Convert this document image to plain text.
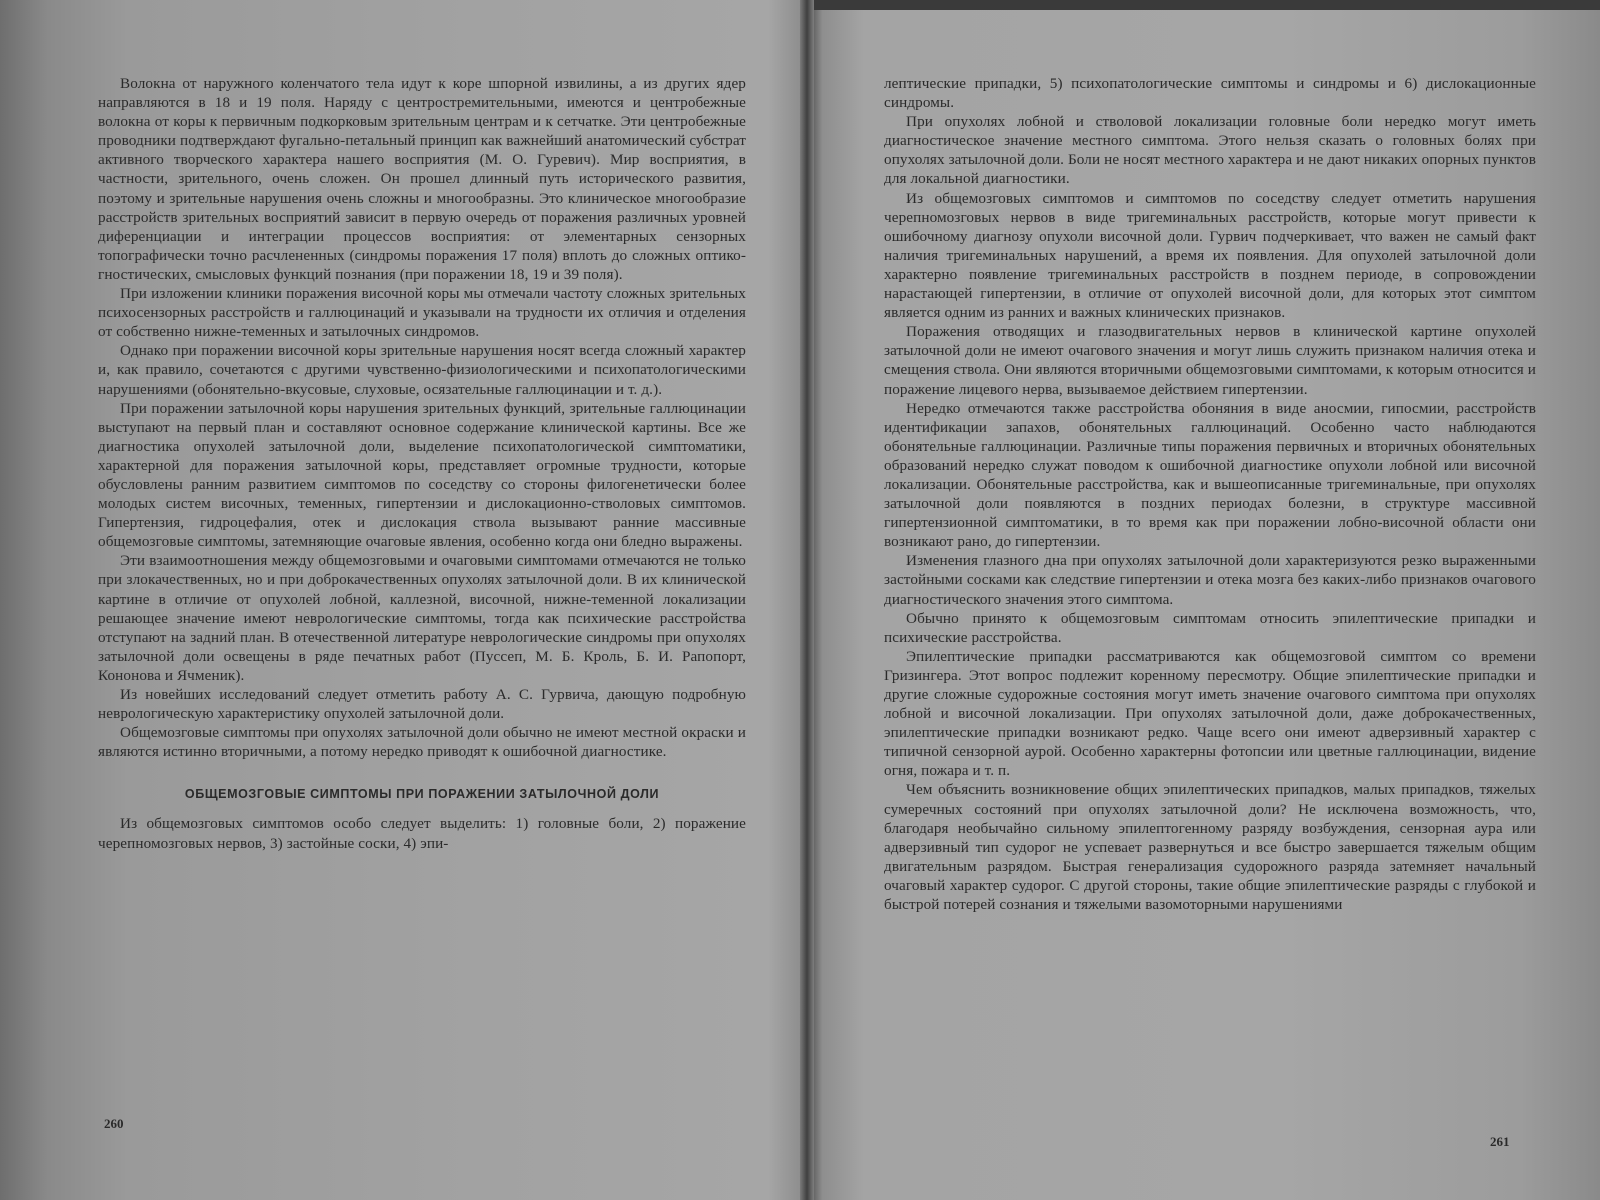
Волокна от наружного коленчатого тела идут к коре шпорной извилины, а из других ядер направляются в 18 и 19 поля. Наряду с центростремительными, имеются и центробежные волокна от коры к первичным подкорковым зрительным центрам и к сетчатке. Эти центробежные проводники подтверждают фугально-петальный принцип как важнейший анатомический субстрат активного творческого характера нашего восприятия (М. О. Гуревич). Мир восприятия, в частности, зрительного, очень сложен. Он прошел длинный путь исторического развития, поэтому и зрительные нарушения очень сложны и многообразны. Это клиническое многообразие расстройств зрительных восприятий зависит в первую очередь от поражения различных уровней диференциации и интеграции процессов восприятия: от элементарных сензорных топографически точно расчлененных (синдромы поражения 17 поля) вплоть до сложных оптико-гностических, смысловых функций познания (при поражении 18, 19 и 39 поля).

При изложении клиники поражения височной коры мы отмечали частоту сложных зрительных психосензорных расстройств и галлюцинаций и указывали на трудности их отличия и отделения от собственно нижне-теменных и затылочных синдромов.

Однако при поражении височной коры зрительные нарушения носят всегда сложный характер и, как правило, сочетаются с другими чувственно-физиологическими и психопатологическими нарушениями (обонятельно-вкусовые, слуховые, осязательные галлюцинации и т. д.).

При поражении затылочной коры нарушения зрительных функций, зрительные галлюцинации выступают на первый план и составляют основное содержание клинической картины. Все же диагностика опухолей затылочной доли, выделение психопатологической симптоматики, характерной для поражения затылочной коры, представляет огромные трудности, которые обусловлены ранним развитием симптомов по соседству со стороны филогенетически более молодых систем височных, теменных, гипертензии и дислокационно-стволовых симптомов. Гипертензия, гидроцефалия, отек и дислокация ствола вызывают ранние массивные общемозговые симптомы, затемняющие очаговые явления, особенно когда они бледно выражены.

Эти взаимоотношения между общемозговыми и очаговыми симптомами отмечаются не только при злокачественных, но и при доброкачественных опухолях затылочной доли. В их клинической картине в отличие от опухолей лобной, каллезной, височной, нижне-теменной локализации решающее значение имеют неврологические симптомы, тогда как психические расстройства отступают на задний план. В отечественной литературе неврологические синдромы при опухолях затылочной доли освещены в ряде печатных работ (Пуссеп, М. Б. Кроль, Б. И. Рапопорт, Кононова и Ячменик).

Из новейших исследований следует отметить работу А. С. Гурвича, дающую подробную неврологическую характеристику опухолей затылочной доли.

Общемозговые симптомы при опухолях затылочной доли обычно не имеют местной окраски и являются истинно вторичными, а потому нередко приводят к ошибочной диагностике.

ОБЩЕМОЗГОВЫЕ СИМПТОМЫ ПРИ ПОРАЖЕНИИ ЗАТЫЛОЧНОЙ ДОЛИ

Из общемозговых симптомов особо следует выделить: 1) головные боли, 2) поражение черепномозговых нервов, 3) застойные соски, 4) эпи-

260

лептические припадки, 5) психопатологические симптомы и синдромы и 6) дислокационные синдромы.

При опухолях лобной и стволовой локализации головные боли нередко могут иметь диагностическое значение местного симптома. Этого нельзя сказать о головных болях при опухолях затылочной доли. Боли не носят местного характера и не дают никаких опорных пунктов для локальной диагностики.

Из общемозговых симптомов и симптомов по соседству следует отметить нарушения черепномозговых нервов в виде тригеминальных расстройств, которые могут привести к ошибочному диагнозу опухоли височной доли. Гурвич подчеркивает, что важен не самый факт наличия тригеминальных нарушений, а время их появления. Для опухолей затылочной доли характерно появление тригеминальных расстройств в позднем периоде, в сопровождении нарастающей гипертензии, в отличие от опухолей височной доли, для которых этот симптом является одним из ранних и важных клинических признаков.

Поражения отводящих и глазодвигательных нервов в клинической картине опухолей затылочной доли не имеют очагового значения и могут лишь служить признаком наличия отека и смещения ствола. Они являются вторичными общемозговыми симптомами, к которым относится и поражение лицевого нерва, вызываемое действием гипертензии.

Нередко отмечаются также расстройства обоняния в виде аносмии, гипосмии, расстройств идентификации запахов, обонятельных галлюцинаций. Особенно часто наблюдаются обонятельные галлюцинации. Различные типы поражения первичных и вторичных обонятельных образований нередко служат поводом к ошибочной диагностике опухоли лобной или височной локализации. Обонятельные расстройства, как и вышеописанные тригеминальные, при опухолях затылочной доли появляются в поздних периодах болезни, в структуре массивной гипертензионной симптоматики, в то время как при поражении лобно-височной области они возникают рано, до гипертензии.

Изменения глазного дна при опухолях затылочной доли характеризуются резко выраженными застойными сосками как следствие гипертензии и отека мозга без каких-либо признаков очагового диагностического значения этого симптома.

Обычно принято к общемозговым симптомам относить эпилептические припадки и психические расстройства.

Эпилептические припадки рассматриваются как общемозговой симптом со времени Гризингера. Этот вопрос подлежит коренному пересмотру. Общие эпилептические припадки и другие сложные судорожные состояния могут иметь значение очагового симптома при опухолях лобной и височной локализации. При опухолях затылочной доли, даже доброкачественных, эпилептические припадки возникают редко. Чаще всего они имеют адверзивный характер с типичной сензорной аурой. Особенно характерны фотопсии или цветные галлюцинации, видение огня, пожара и т. п.

Чем объяснить возникновение общих эпилептических припадков, малых припадков, тяжелых сумеречных состояний при опухолях затылочной доли? Не исключена возможность, что, благодаря необычайно сильному эпилептогенному разряду возбуждения, сензорная аура или адверзивный тип судорог не успевает развернуться и все быстро завершается тяжелым общим двигательным разрядом. Быстрая генерализация судорожного разряда затемняет начальный очаговый характер судорог. С другой стороны, такие общие эпилептические разряды с глубокой и быстрой потерей сознания и тяжелыми вазомоторными нарушениями

261
